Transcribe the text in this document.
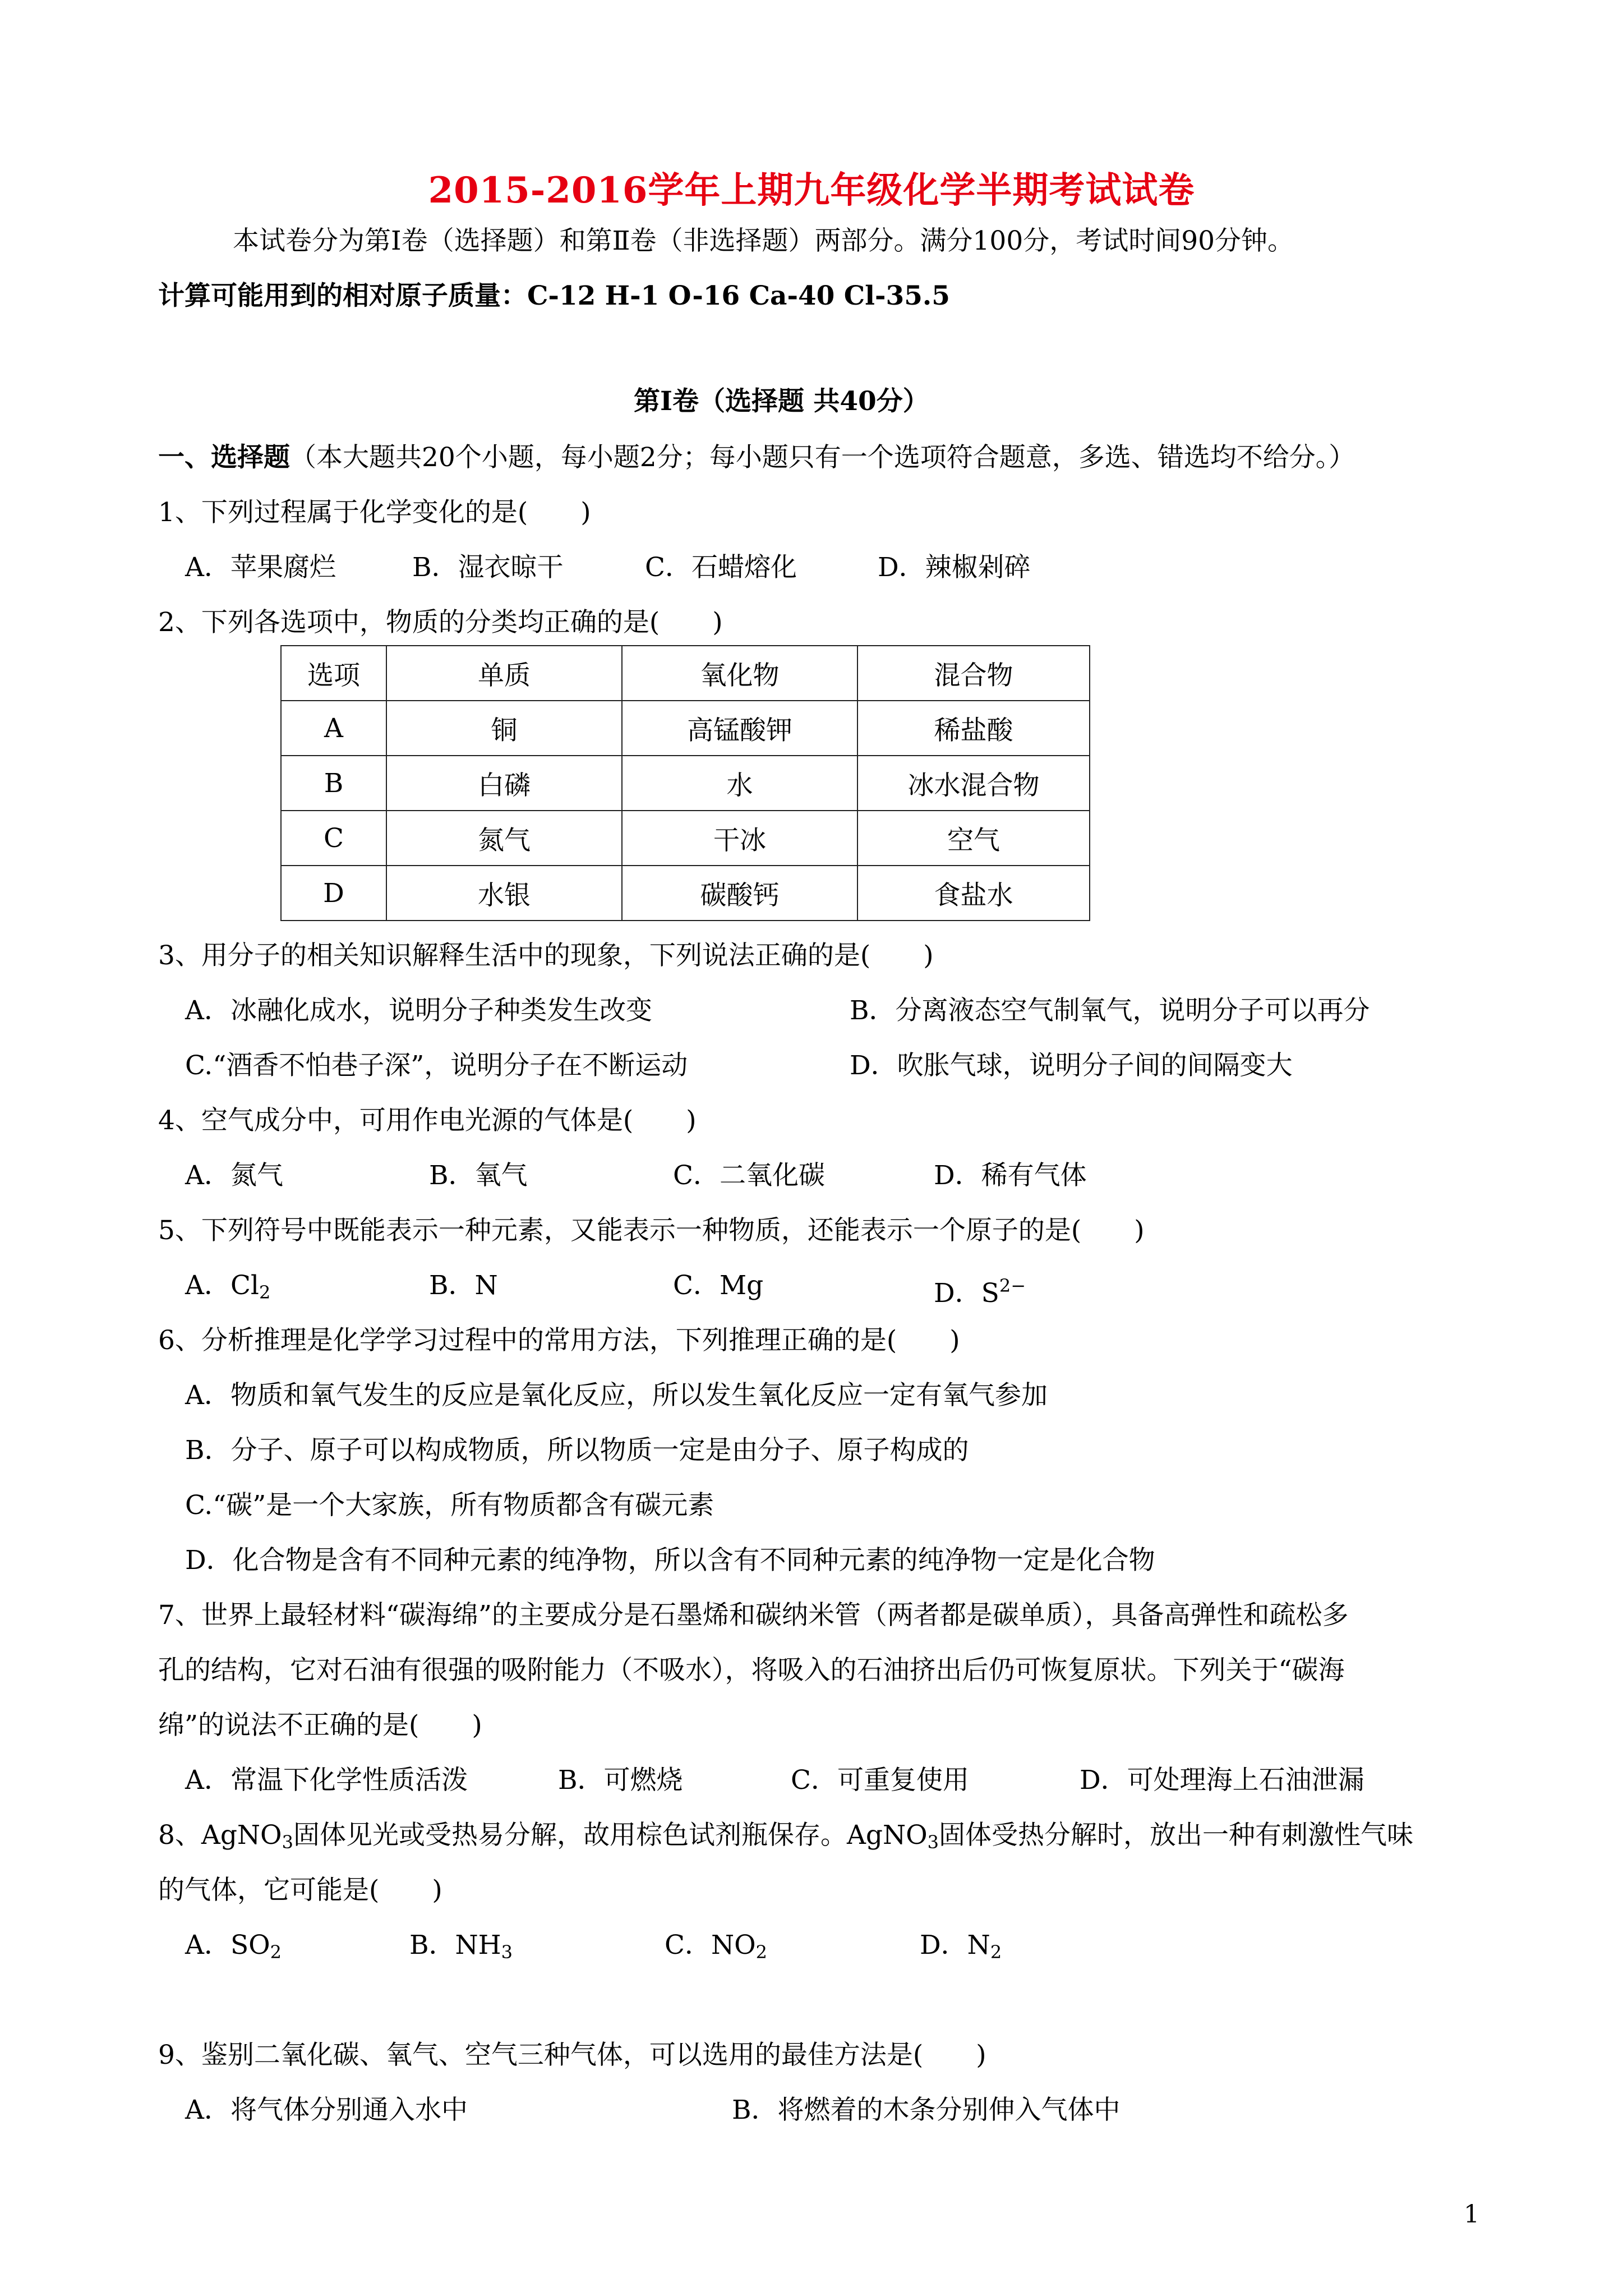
2015-2016学年上期九年级化学半期考试试卷
本试卷分为第Ⅰ卷（选择题）和第Ⅱ卷（非选择题）两部分。满分100分，考试时间90分钟。
计算可能用到的相对原子质量：C-12 H-1 O-16 Ca-40 Cl-35.5
第Ⅰ卷（选择题 共40分）
一、选择题（本大题共20个小题，每小题2分；每小题只有一个选项符合题意，多选、错选均不给分。）
1、下列过程属于化学变化的是(　　)
A．苹果腐烂	B．湿衣晾干	C．石蜡熔化	D．辣椒剁碎
2、下列各选项中，物质的分类均正确的是(　　)
选项	单质	氧化物	混合物
A	铜	高锰酸钾	稀盐酸
B	白磷	水	冰水混合物
C	氮气	干冰	空气
D	水银	碳酸钙	食盐水
3、用分子的相关知识解释生活中的现象，下列说法正确的是(　　)
A．冰融化成水，说明分子种类发生改变	B．分离液态空气制氧气，说明分子可以再分
C.“酒香不怕巷子深”，说明分子在不断运动	D．吹胀气球，说明分子间的间隔变大
4、空气成分中，可用作电光源的气体是(　　)
A．氮气	B．氧气	C．二氧化碳	D．稀有气体
5、下列符号中既能表示一种元素，又能表示一种物质，还能表示一个原子的是(　　)
A．$Cl_2$	B．N	C．Mg	D．$S^{2-}$
6、分析推理是化学学习过程中的常用方法，下列推理正确的是(　　)
A．物质和氧气发生的反应是氧化反应，所以发生氧化反应一定有氧气参加
B．分子、原子可以构成物质，所以物质一定是由分子、原子构成的
C.“碳”是一个大家族，所有物质都含有碳元素
D．化合物是含有不同种元素的纯净物，所以含有不同种元素的纯净物一定是化合物
7、世界上最轻材料“碳海绵”的主要成分是石墨烯和碳纳米管（两者都是碳单质），具备高弹性和疏松多
孔的结构，它对石油有很强的吸附能力（不吸水），将吸入的石油挤出后仍可恢复原状。下列关于“碳海
绵”的说法不正确的是(　　)
A．常温下化学性质活泼	B．可燃烧	C．可重复使用	D．可处理海上石油泄漏
8、AgNO$_3$固体见光或受热易分解，故用棕色试剂瓶保存。AgNO$_3$固体受热分解时，放出一种有刺激性气味
的气体，它可能是(　　)
A．$SO_2$	B．$NH_3$	C．$NO_2$	D．$N_2$
9、鉴别二氧化碳、氧气、空气三种气体，可以选用的最佳方法是(　　)
A．将气体分别通入水中	B．将燃着的木条分别伸入气体中
1
